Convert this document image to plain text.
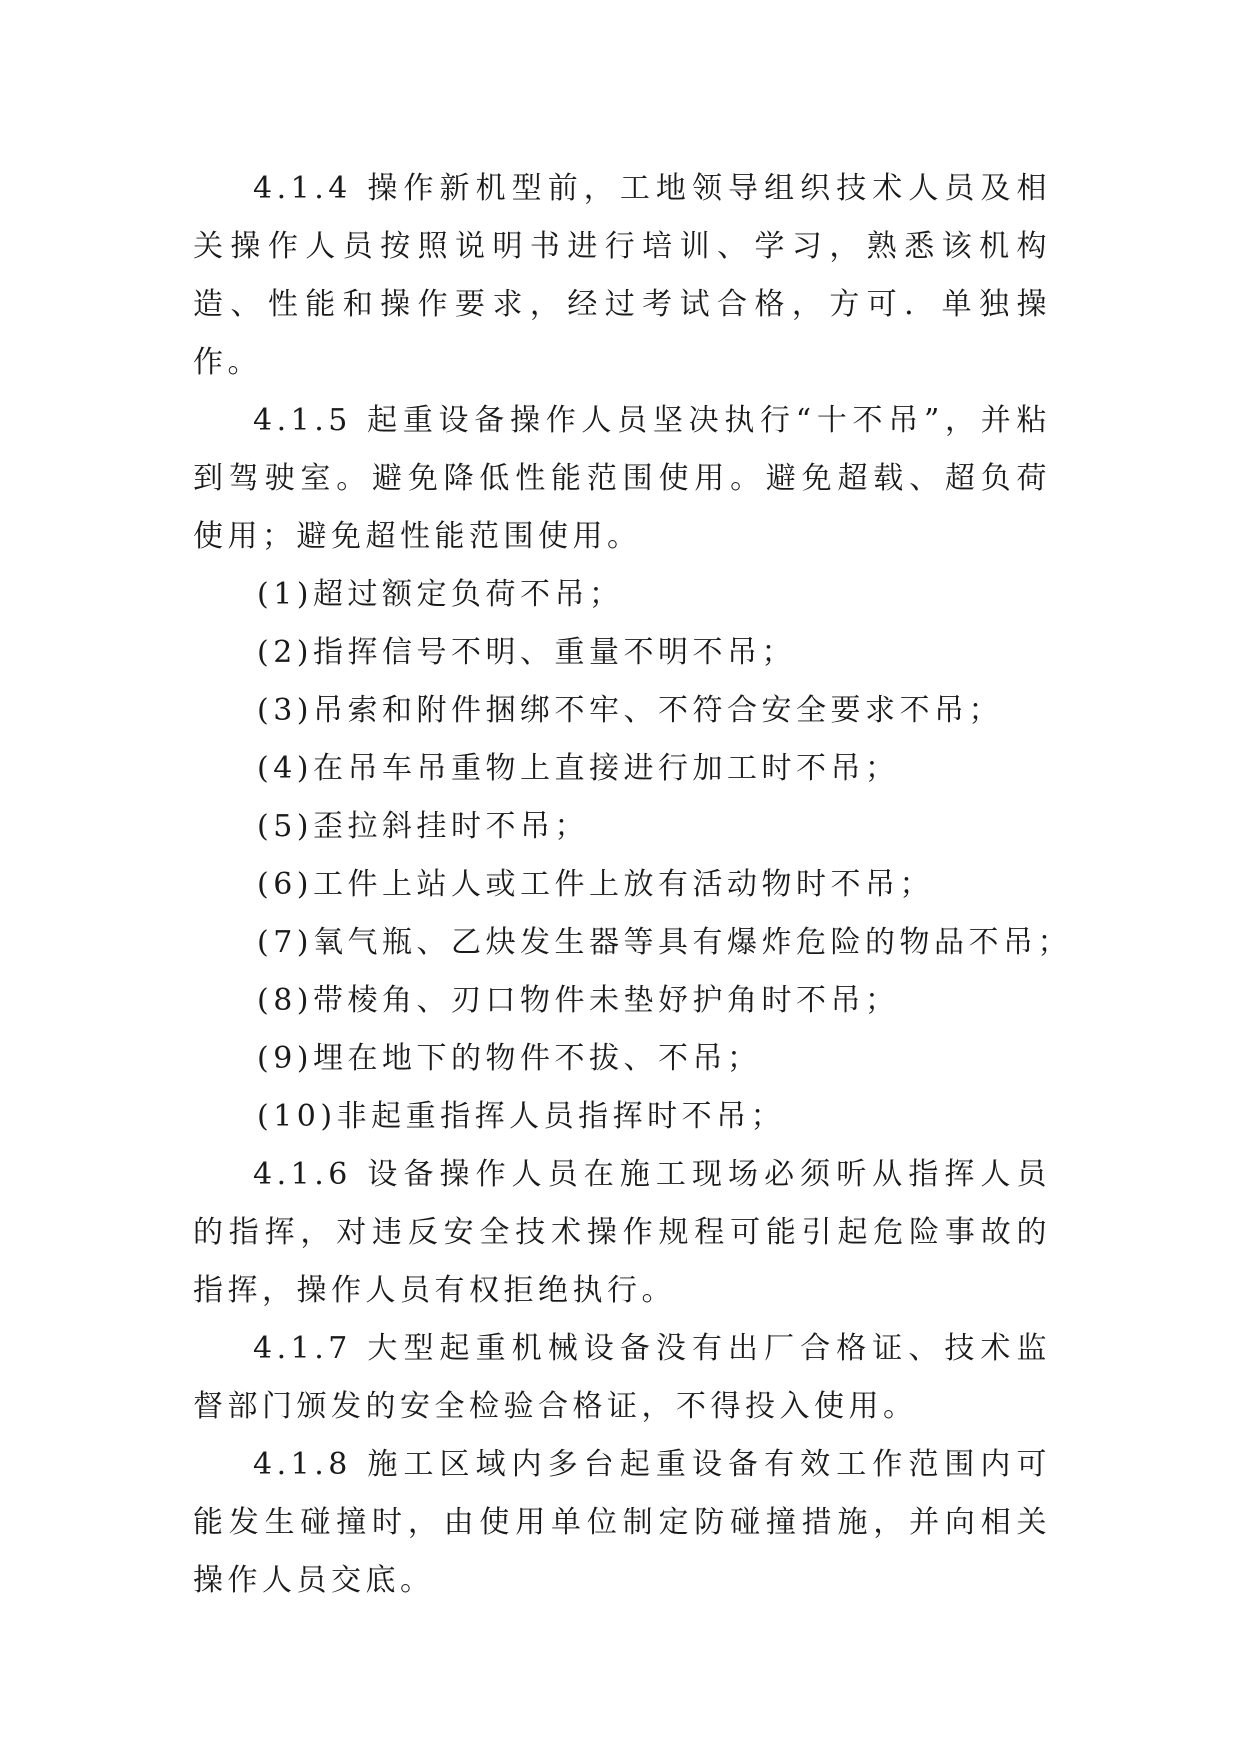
4.1.4 操作新机型前，工地领导组织技术人员及相关操作人员按照说明书进行培训、学习，熟悉该机构造、性能和操作要求，经过考试合格，方可．单独操作。

4.1.5 起重设备操作人员坚决执行“十不吊”，并粘到驾驶室。避免降低性能范围使用。避免超载、超负荷使用；避免超性能范围使用。

(1)超过额定负荷不吊；

(2)指挥信号不明、重量不明不吊；

(3)吊索和附件捆绑不牢、不符合安全要求不吊；

(4)在吊车吊重物上直接进行加工时不吊；

(5)歪拉斜挂时不吊；

(6)工件上站人或工件上放有活动物时不吊；

(7)氧气瓶、乙炔发生器等具有爆炸危险的物品不吊；

(8)带棱角、刃口物件未垫妤护角时不吊；

(9)埋在地下的物件不拔、不吊；

(10)非起重指挥人员指挥时不吊；

4.1.6 设备操作人员在施工现场必须听从指挥人员的指挥，对违反安全技术操作规程可能引起危险事故的指挥，操作人员有权拒绝执行。

4.1.7 大型起重机械设备没有出厂合格证、技术监督部门颁发的安全检验合格证，不得投入使用。

4.1.8 施工区域内多台起重设备有效工作范围内可能发生碰撞时，由使用单位制定防碰撞措施，并向相关操作人员交底。
